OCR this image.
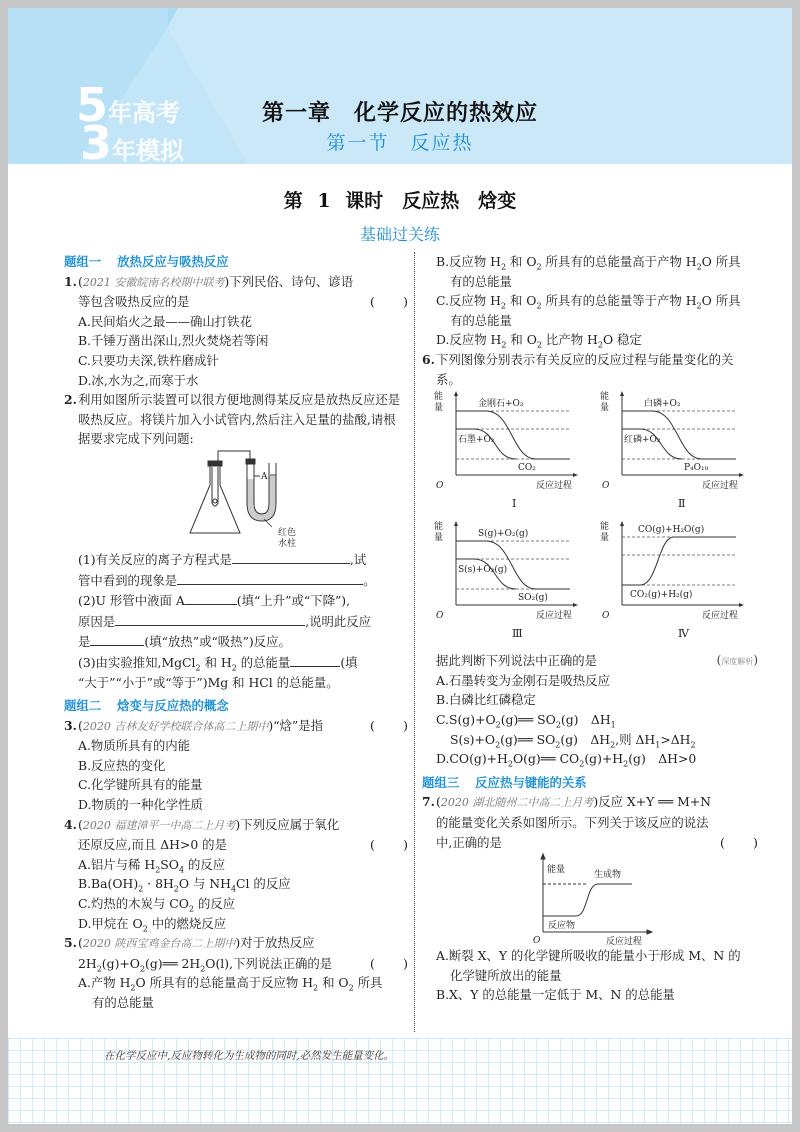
5 年高考
3 年模拟
第一章　化学反应的热效应
第一节　反应热
第 1 课时　反应热　焓变
基础过关练
题组一 放热反应与吸热反应
1. (2021 安徽皖南名校期中联考)下列民俗、诗句、谚语
等包含吸热反应的是	( )
A.民间焰火之最——确山打铁花
B.千锤万凿出深山,烈火焚烧若等闲
C.只要功夫深,铁杵磨成针
D.冰,水为之,而寒于水
2. 利用如图所示装置可以很方便地测得某反应是放热反应还是吸热反应。将镁片加入小试管内,然后注入足量的盐酸,请根据要求完成下列问题:
A
红色
水柱
(1)有关反应的离子方程式是	,试
管中看到的现象是	。
(2)U 形管中液面 A	(填“上升”或“下降”),
原因是	,说明此反应
是	(填“放热”或“吸热”)反应。
(3)由实验推知,MgCl$_2$ 和 $H_2$ 的总能量	(填
“大于”“小于”或“等于”)Mg 和 HCl 的总能量。
题组二 焓变与反应热的概念
3. (2020 吉林友好学校联合体高二上期中)“焓”是指	( )
A.物质所具有的内能
B.反应热的变化
C.化学键所具有的能量
D.物质的一种化学性质
4. (2020 福建漳平一中高二上月考)下列反应属于氧化
还原反应,而且 ΔH>0 的是	( )
A.铝片与稀 $H_2SO_4$ 的反应
$B.Ba(OH)_2 \cdot 8H_2O$ 与 $NH_4Cl$ 的反应
C.灼热的木炭与 $CO_2$ 的反应
D.甲烷在 $O_2$ 中的燃烧反应
5. (2020 陕西宝鸡金台高二上期中)对于放热反应
$2H_2(g)+O_2(g)══$ $2H_2O(l)$,下列说法正确的是	( )
A.产物 $H_2O$ 所具有的总能量高于反应物 $H_2$ 和 $O_2$ 所具
有的总能量
B.反应物 $H_2$ 和 $O_2$ 所具有的总能量高于产物 $H_2O$ 所具
有的总能量
C.反应物 $H_2$ 和 $O_2$ 所具有的总能量等于产物 $H_2O$ 所具
有的总能量
D.反应物 $H_2$ 和 $O_2$ 比产物 $H_2O$ 稳定
6. 下列图像分别表示有关反应的反应过程与能量变化的关系。
能
量
O	反应过程
Ⅰ
金刚石+O₂
石墨+O₂
CO₂
能
量
O	反应过程
Ⅱ
白磷+O₂
红磷+O₂
P₄O₁₀
能
量
O	反应过程
Ⅲ
S(g)+O₂(g)
S(s)+O₂(g)
SO₂(g)
能
量
O	反应过程
Ⅳ
CO(g)+H₂O(g)
CO₂(g)+H₂(g)
据此判断下列说法中正确的是	(深度解析)
A.石墨转变为金刚石是吸热反应
B.白磷比红磷稳定
$C.S(g)+O_2(g)══$ $SO_2(g)$　$\Delta H_1$
$S(s)+O_2(g)══$ $SO_2(g)$　$\Delta H_2$,则 $\Delta H_1>\Delta H_2$
$D.CO(g)+H_2O(g)══$ $CO_2(g)+H_2(g)$　ΔH>0
题组三 反应热与键能的关系
7. (2020 湖北随州二中高二上月考)反应 X+Y ══ M+N
的能量变化关系如图所示。下列关于该反应的说法
中,正确的是	( )
能量	生成物
反应物
O	反应过程
A.断裂 X、Y 的化学键所吸收的能量小于形成 M、N 的
化学键所放出的能量
B.X、Y 的总能量一定低于 M、N 的总能量
在化学反应中,反应物转化为生成物的同时,必然发生能量变化。
